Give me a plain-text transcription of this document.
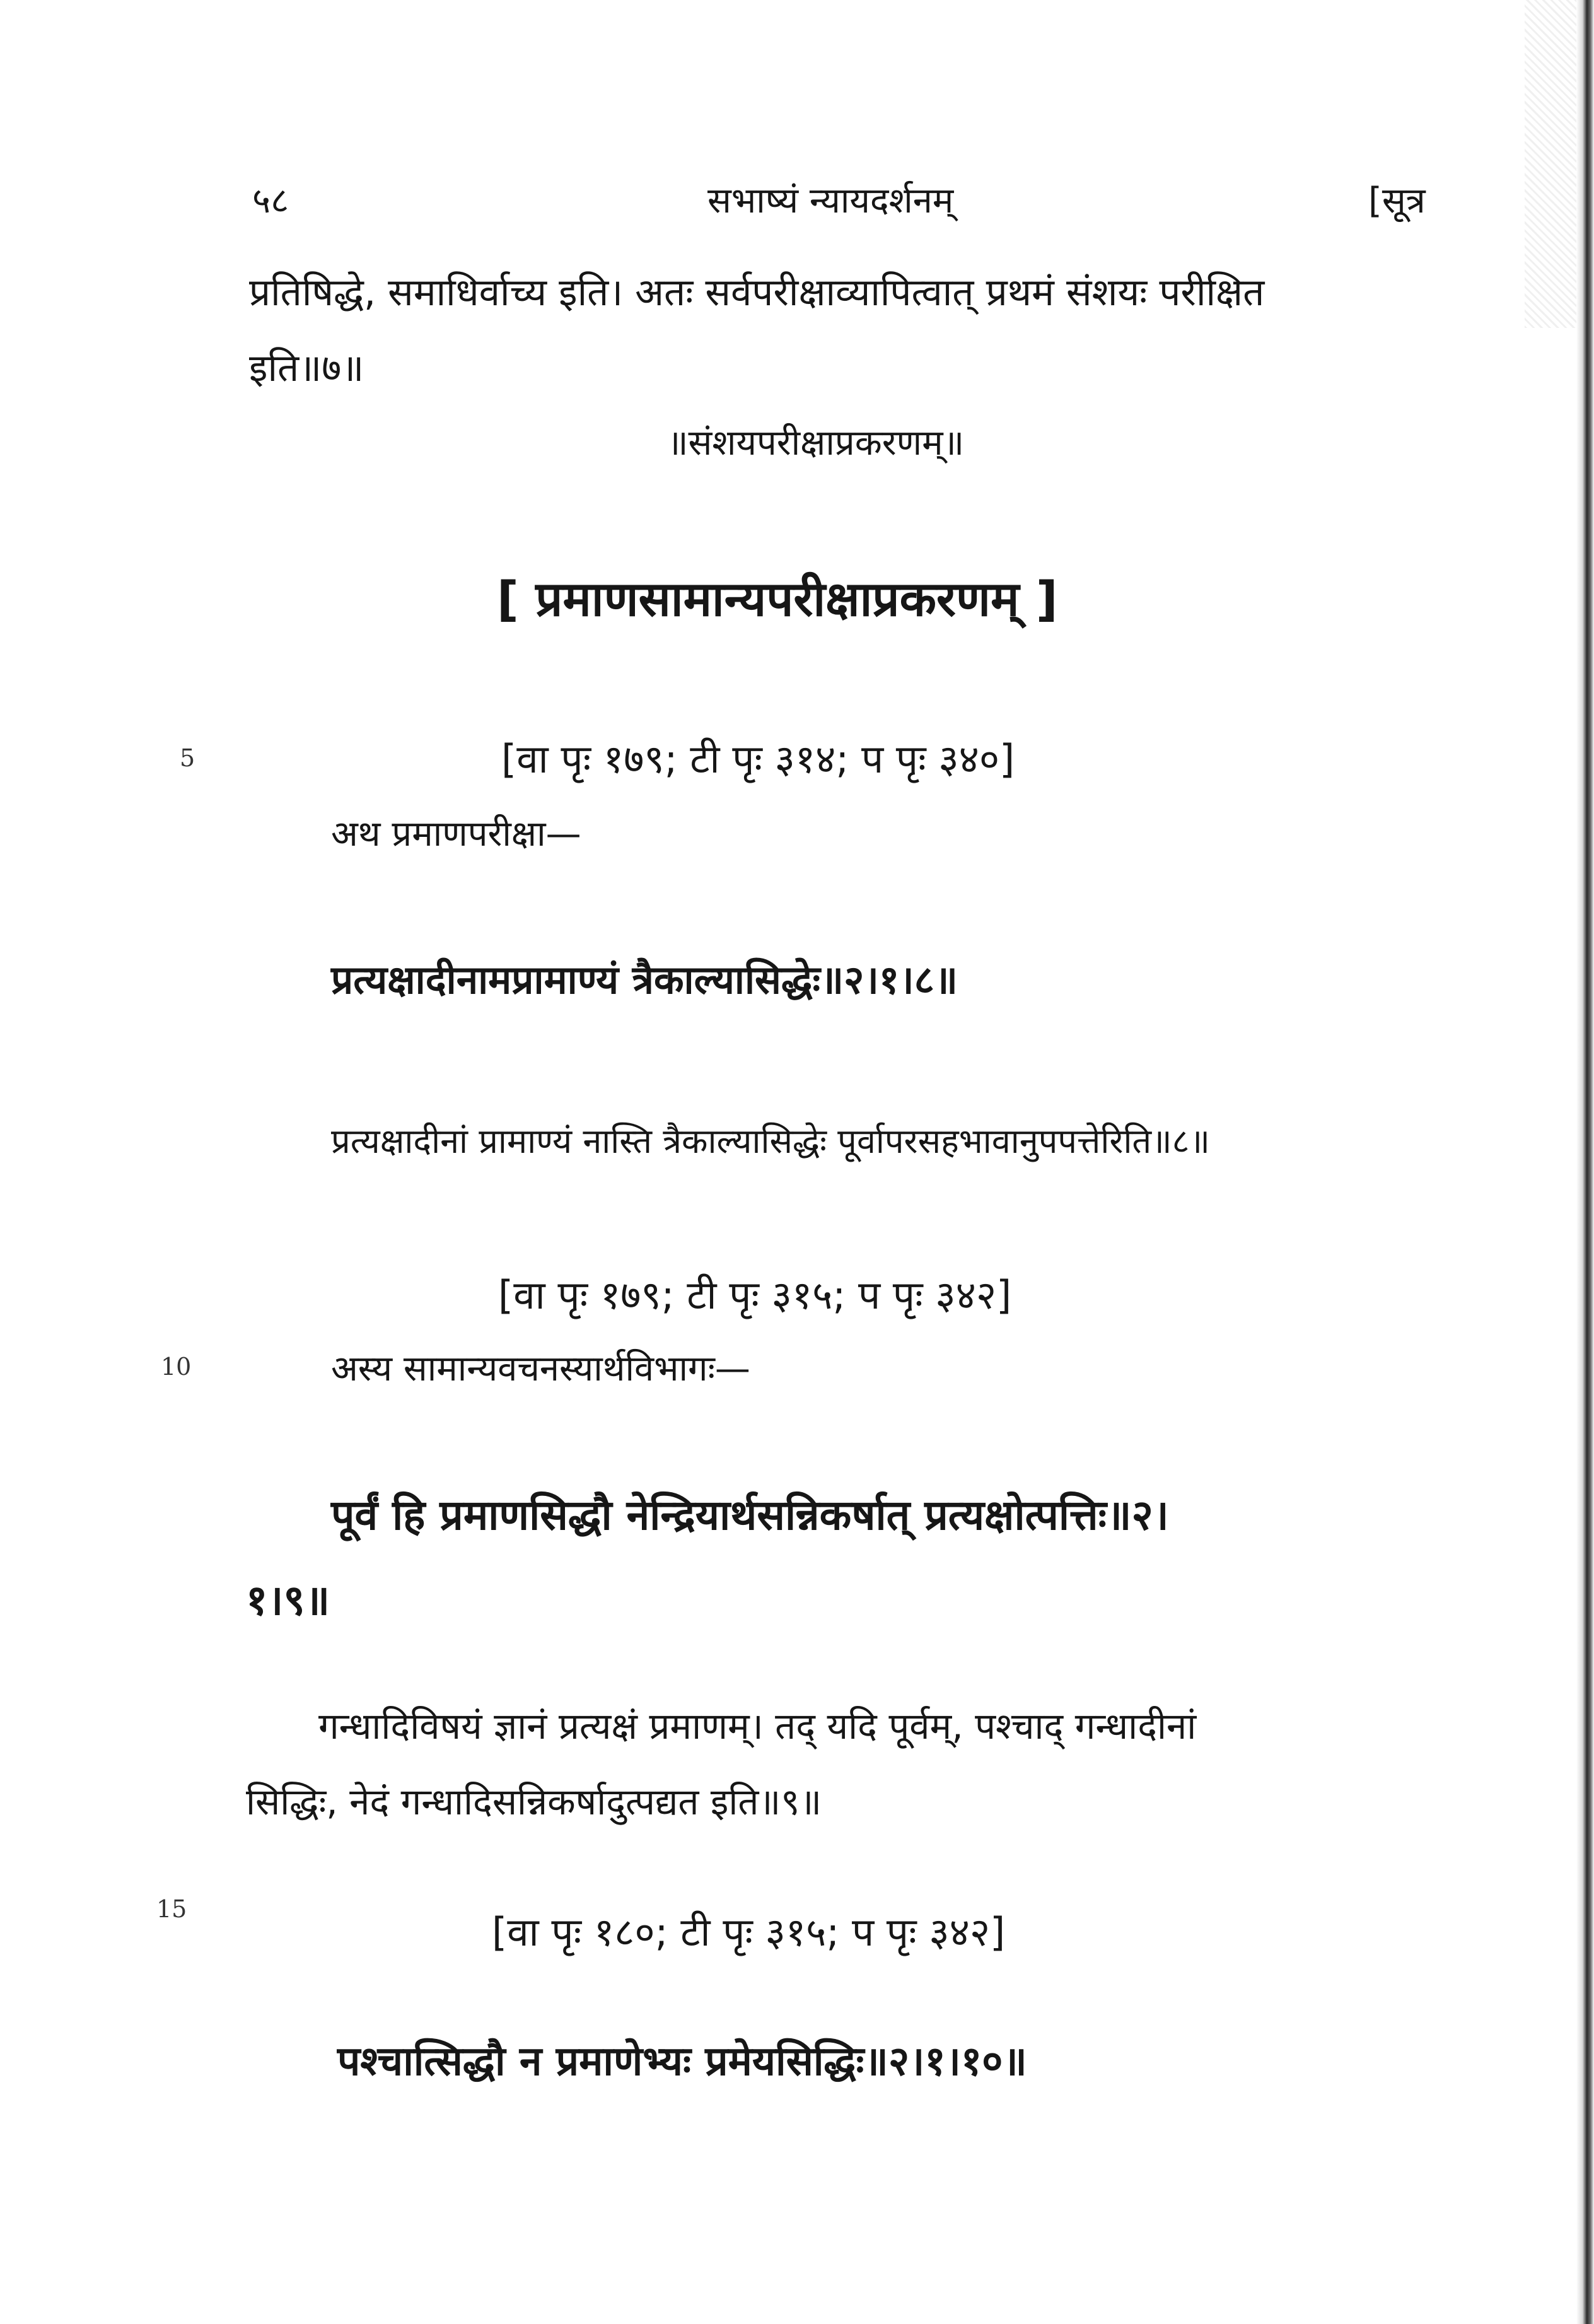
५८	सभाष्यं न्यायदर्शनम्	[सूत्र
प्रतिषिद्धे, समाधिर्वाच्य इति। अतः सर्वपरीक्षाव्यापित्वात् प्रथमं संशयः परीक्षित
इति॥७॥
॥संशयपरीक्षाप्रकरणम्॥
[ प्रमाणसामान्यपरीक्षाप्रकरणम् ]
5	[वा पृः १७९; टी पृः ३१४; प पृः ३४०]
अथ प्रमाणपरीक्षा—
प्रत्यक्षादीनामप्रामाण्यं त्रैकाल्यासिद्धेः॥२।१।८॥
प्रत्यक्षादीनां प्रामाण्यं नास्ति त्रैकाल्यासिद्धेः पूर्वापरसहभावानुपपत्तेरिति॥८॥
[वा पृः १७९; टी पृः ३१५; प पृः ३४२]
10	अस्य सामान्यवचनस्यार्थविभागः—
पूर्वं हि प्रमाणसिद्धौ नेन्द्रियार्थसन्निकर्षात् प्रत्यक्षोत्पत्तिः॥२।
१।९॥
गन्धादिविषयं ज्ञानं प्रत्यक्षं प्रमाणम्। तद् यदि पूर्वम्, पश्चाद् गन्धादीनां
सिद्धिः, नेदं गन्धादिसन्निकर्षादुत्पद्यत इति॥९॥
15	[वा पृः १८०; टी पृः ३१५; प पृः ३४२]
पश्चात्सिद्धौ न प्रमाणेभ्यः प्रमेयसिद्धिः॥२।१।१०॥
